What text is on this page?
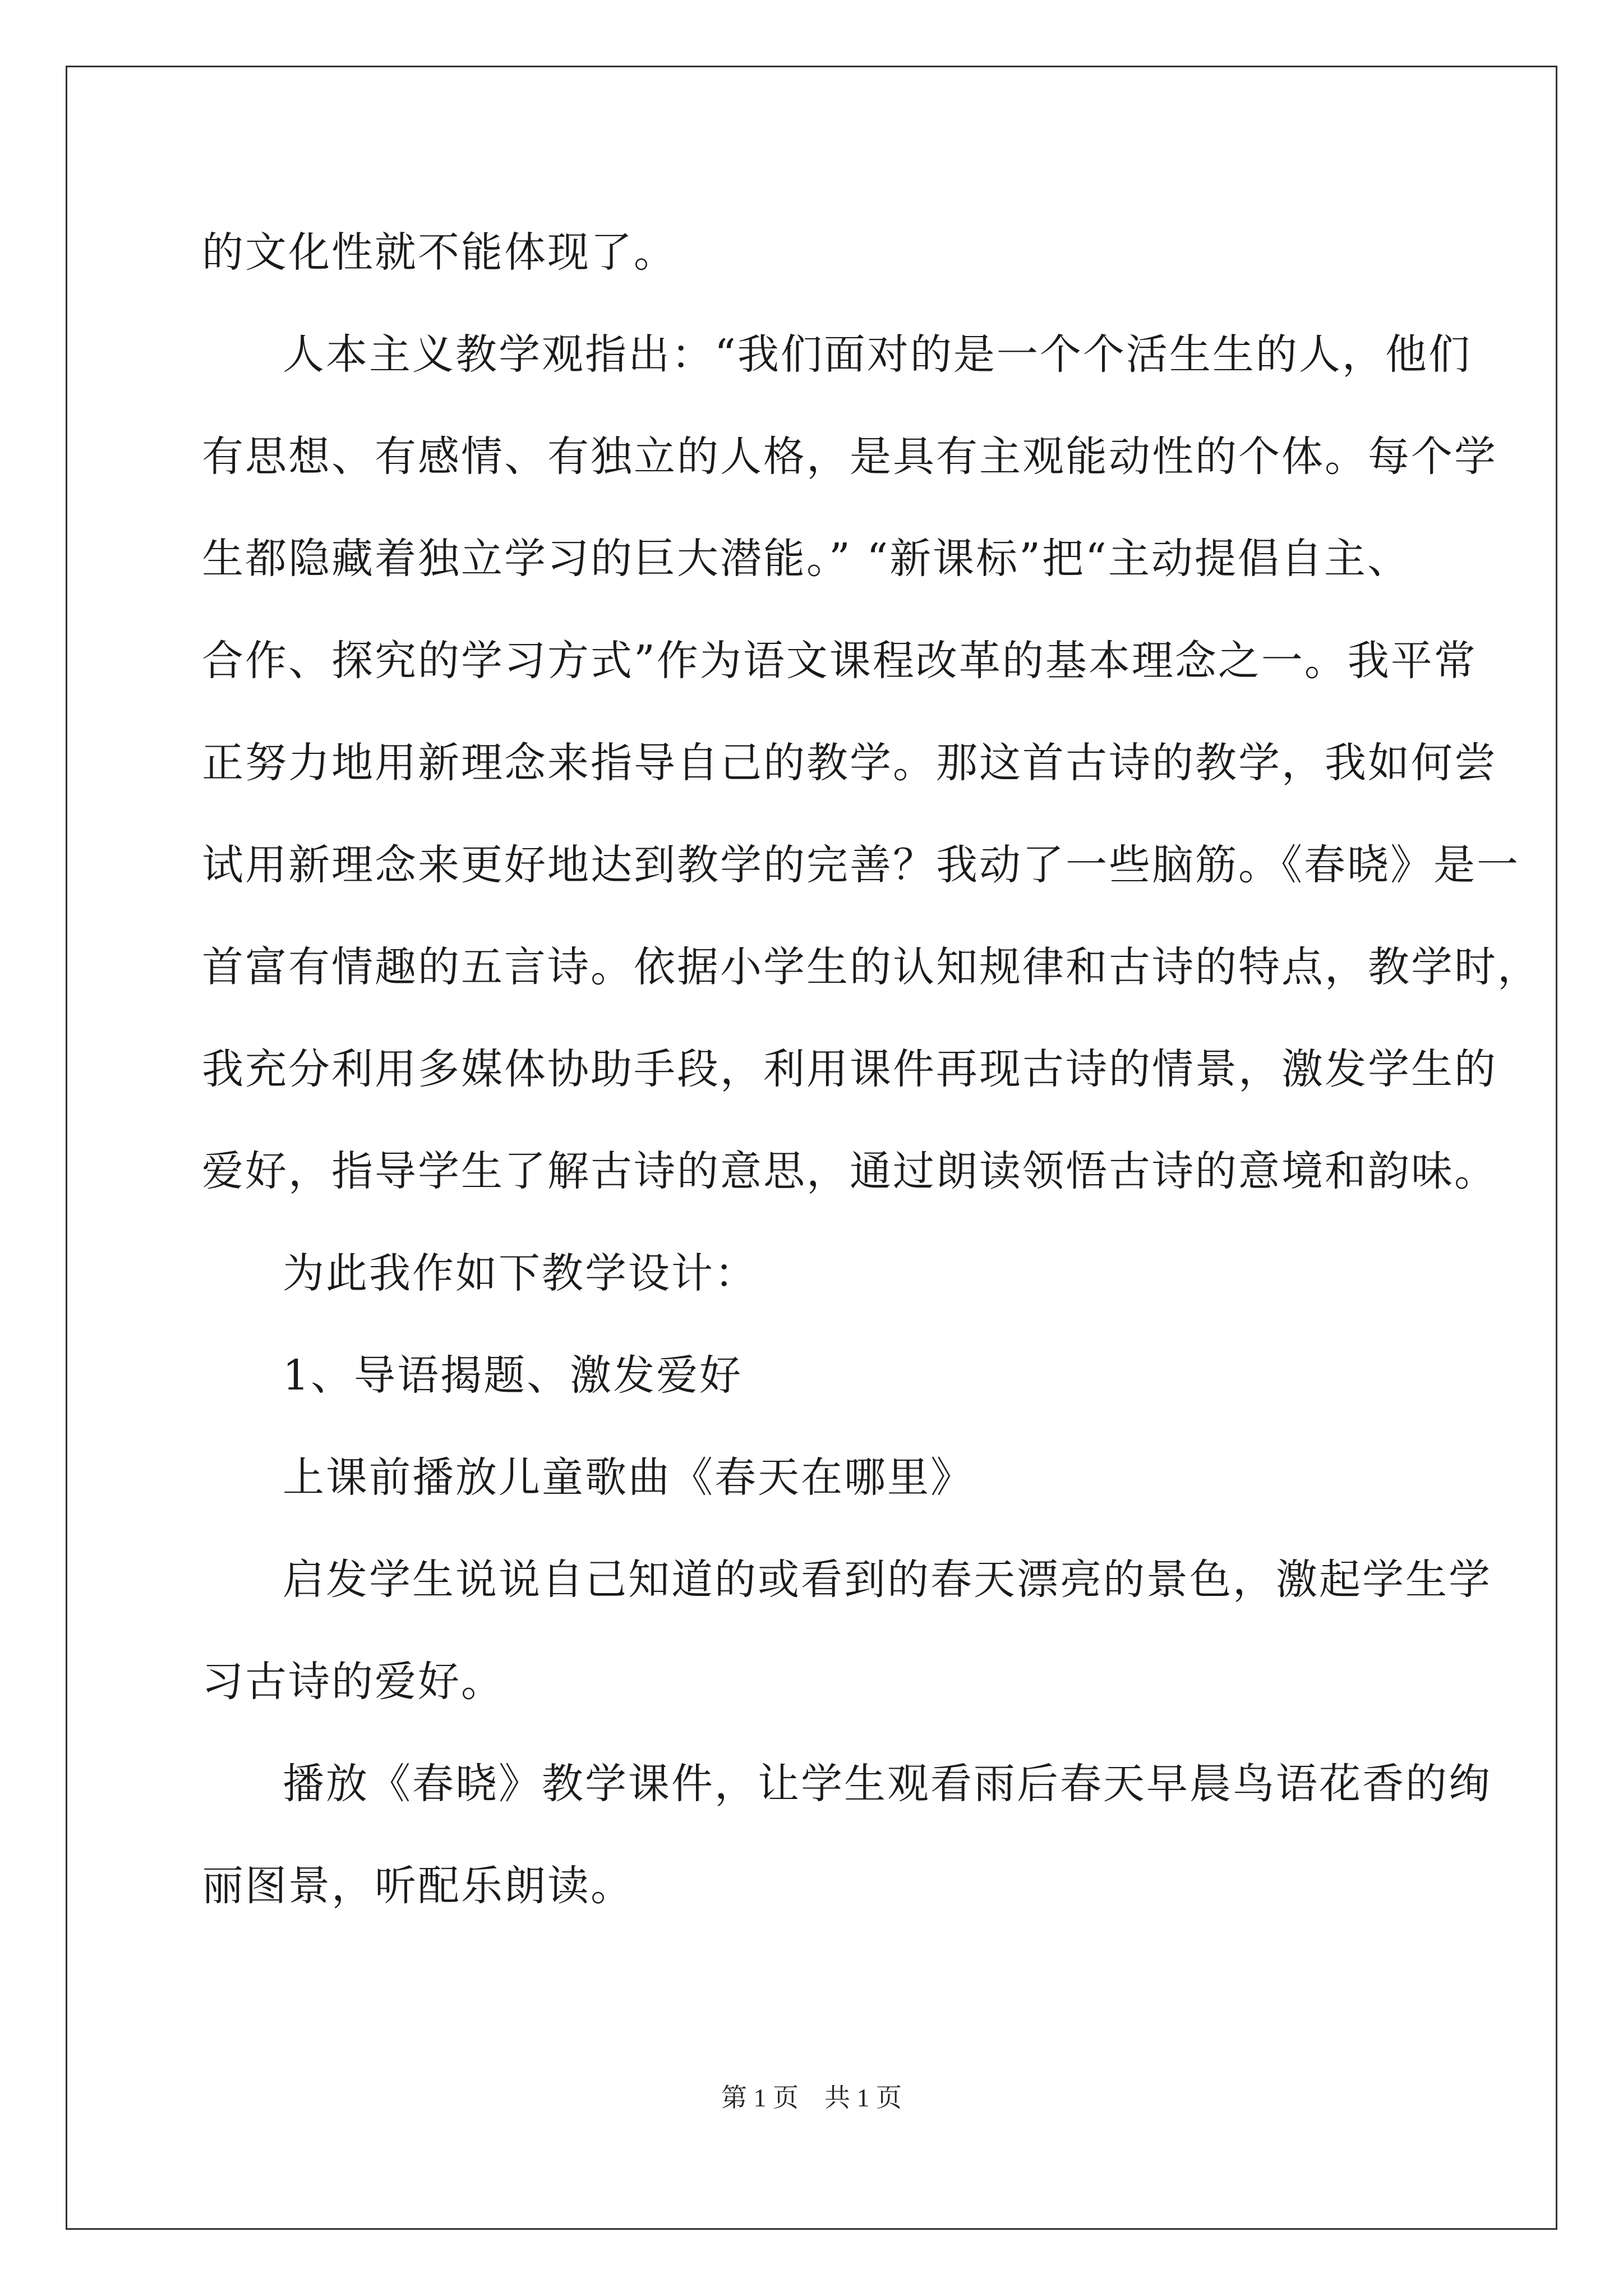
的文化性就不能体现了。
人本主义教学观指出：“我们面对的是一个个活生生的人，他们
有思想、有感情、有独立的人格，是具有主观能动性的个体。每个学
生都隐藏着独立学习的巨大潜能。” “新课标”把“主动提倡自主、
合作、探究的学习方式”作为语文课程改革的基本理念之一。我平常
正努力地用新理念来指导自己的教学。那这首古诗的教学，我如何尝
试用新理念来更好地达到教学的完善？我动了一些脑筋。《春晓》是一
首富有情趣的五言诗。依据小学生的认知规律和古诗的特点，教学时，
我充分利用多媒体协助手段，利用课件再现古诗的情景，激发学生的
爱好，指导学生了解古诗的意思，通过朗读领悟古诗的意境和韵味。
为此我作如下教学设计：
1、导语揭题、激发爱好
上课前播放儿童歌曲《春天在哪里》
启发学生说说自己知道的或看到的春天漂亮的景色，激起学生学
习古诗的爱好。
播放《春晓》教学课件，让学生观看雨后春天早晨鸟语花香的绚
丽图景，听配乐朗读。
第 1 页　共 1 页
